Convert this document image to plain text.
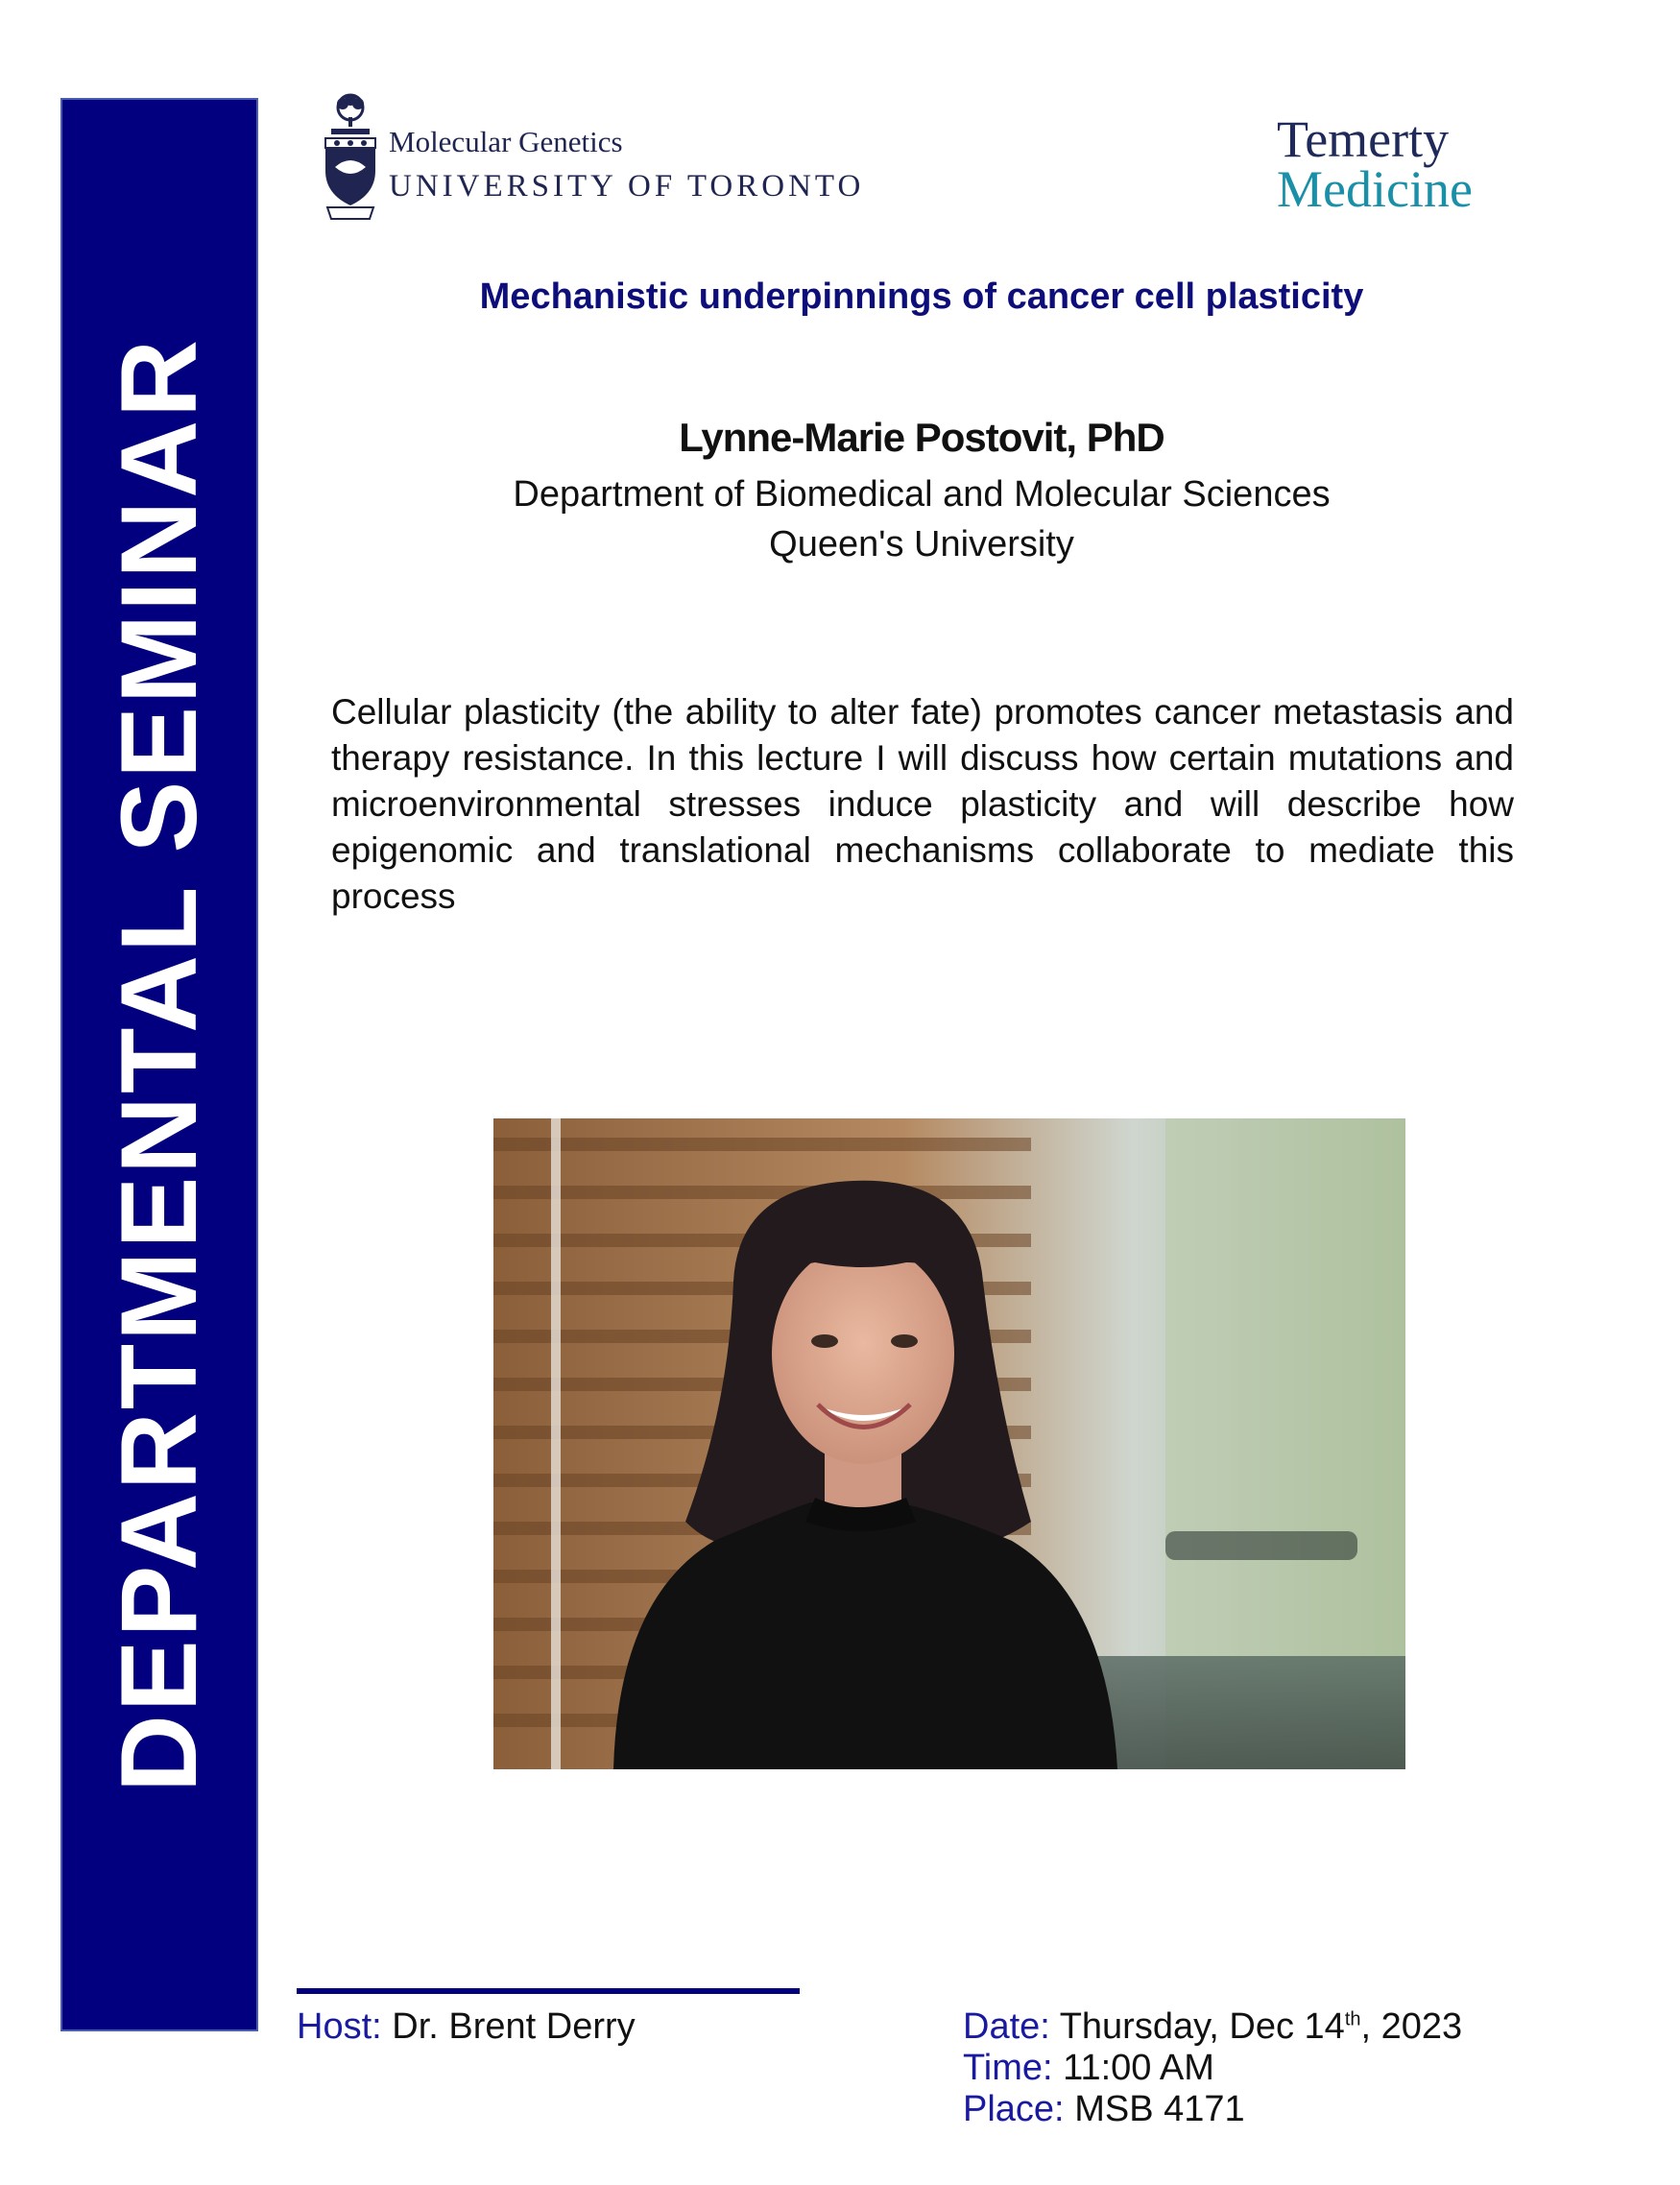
DEPARTMENTAL SEMINAR
Molecular Genetics
UNIVERSITY OF TORONTO
Temerty
Medicine
Mechanistic underpinnings of cancer cell plasticity
Lynne-Marie Postovit, PhD
Department of Biomedical and Molecular Sciences
Queen's University
Cellular plasticity (the ability to alter fate) promotes cancer metastasis and therapy resistance. In this lecture I will discuss how certain mutations and microenvironmental stresses induce plasticity and will describe how epigenomic and translational mechanisms collaborate to mediate this process
Host: Dr. Brent Derry	Date: Thursday, Dec 14th, 2023
Time: 11:00 AM
Place: MSB 4171
